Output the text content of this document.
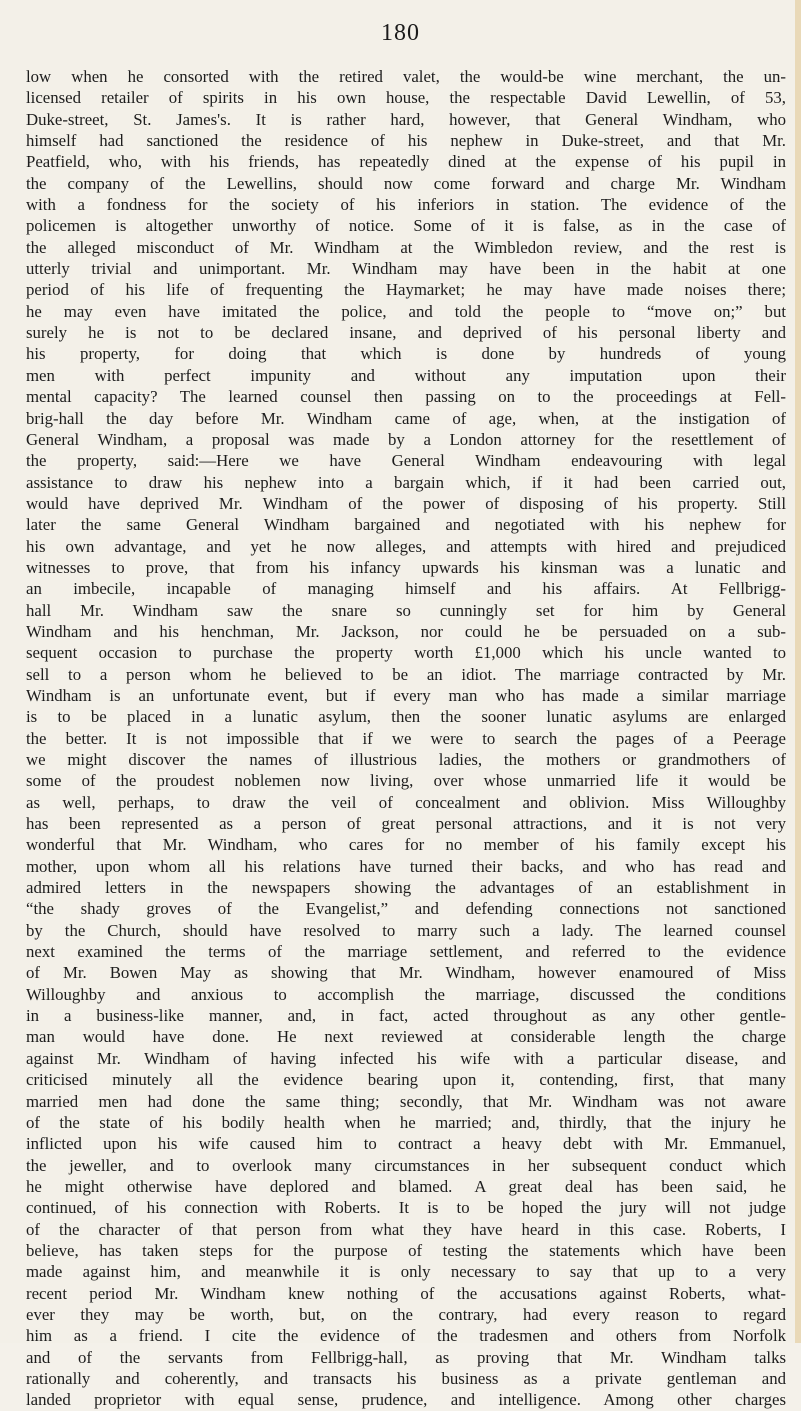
180
low when he consorted with the retired valet, the would-be wine merchant, the un-
licensed retailer of spirits in his own house, the respectable David Lewellin, of 53,
Duke-street, St. James's. It is rather hard, however, that General Windham, who
himself had sanctioned the residence of his nephew in Duke-street, and that Mr.
Peatfield, who, with his friends, has repeatedly dined at the expense of his pupil in
the company of the Lewellins, should now come forward and charge Mr. Windham
with a fondness for the society of his inferiors in station. The evidence of the
policemen is altogether unworthy of notice. Some of it is false, as in the case of
the alleged misconduct of Mr. Windham at the Wimbledon review, and the rest is
utterly trivial and unimportant. Mr. Windham may have been in the habit at one
period of his life of frequenting the Haymarket; he may have made noises there;
he may even have imitated the police, and told the people to “move on;” but
surely he is not to be declared insane, and deprived of his personal liberty and
his property, for doing that which is done by hundreds of young
men with perfect impunity and without any imputation upon their
mental capacity? The learned counsel then passing on to the proceedings at Fell-
brig-hall the day before Mr. Windham came of age, when, at the instigation of
General Windham, a proposal was made by a London attorney for the resettlement of
the property, said:—Here we have General Windham endeavouring with legal
assistance to draw his nephew into a bargain which, if it had been carried out,
would have deprived Mr. Windham of the power of disposing of his property. Still
later the same General Windham bargained and negotiated with his nephew for
his own advantage, and yet he now alleges, and attempts with hired and prejudiced
witnesses to prove, that from his infancy upwards his kinsman was a lunatic and
an imbecile, incapable of managing himself and his affairs. At Fellbrigg-
hall Mr. Windham saw the snare so cunningly set for him by General
Windham and his henchman, Mr. Jackson, nor could he be persuaded on a sub-
sequent occasion to purchase the property worth £1,000 which his uncle wanted to
sell to a person whom he believed to be an idiot. The marriage contracted by Mr.
Windham is an unfortunate event, but if every man who has made a similar marriage
is to be placed in a lunatic asylum, then the sooner lunatic asylums are enlarged
the better. It is not impossible that if we were to search the pages of a Peerage
we might discover the names of illustrious ladies, the mothers or grandmothers of
some of the proudest noblemen now living, over whose unmarried life it would be
as well, perhaps, to draw the veil of concealment and oblivion. Miss Willoughby
has been represented as a person of great personal attractions, and it is not very
wonderful that Mr. Windham, who cares for no member of his family except his
mother, upon whom all his relations have turned their backs, and who has read and
admired letters in the newspapers showing the advantages of an establishment in
“the shady groves of the Evangelist,” and defending connections not sanctioned
by the Church, should have resolved to marry such a lady. The learned counsel
next examined the terms of the marriage settlement, and referred to the evidence
of Mr. Bowen May as showing that Mr. Windham, however enamoured of Miss
Willoughby and anxious to accomplish the marriage, discussed the conditions
in a business-like manner, and, in fact, acted throughout as any other gentle-
man would have done. He next reviewed at considerable length the charge
against Mr. Windham of having infected his wife with a particular disease, and
criticised minutely all the evidence bearing upon it, contending, first, that many
married men had done the same thing; secondly, that Mr. Windham was not aware
of the state of his bodily health when he married; and, thirdly, that the injury he
inflicted upon his wife caused him to contract a heavy debt with Mr. Emmanuel,
the jeweller, and to overlook many circumstances in her subsequent conduct which
he might otherwise have deplored and blamed. A great deal has been said, he
continued, of his connection with Roberts. It is to be hoped the jury will not judge
of the character of that person from what they have heard in this case. Roberts, I
believe, has taken steps for the purpose of testing the statements which have been
made against him, and meanwhile it is only necessary to say that up to a very
recent period Mr. Windham knew nothing of the accusations against Roberts, what-
ever they may be worth, but, on the contrary, had every reason to regard
him as a friend. I cite the evidence of the tradesmen and others from Norfolk
and of the servants from Fellbrigg-hall, as proving that Mr. Windham talks
rationally and coherently, and transacts his business as a private gentleman and
landed proprietor with equal sense, prudence, and intelligence. Among other charges
